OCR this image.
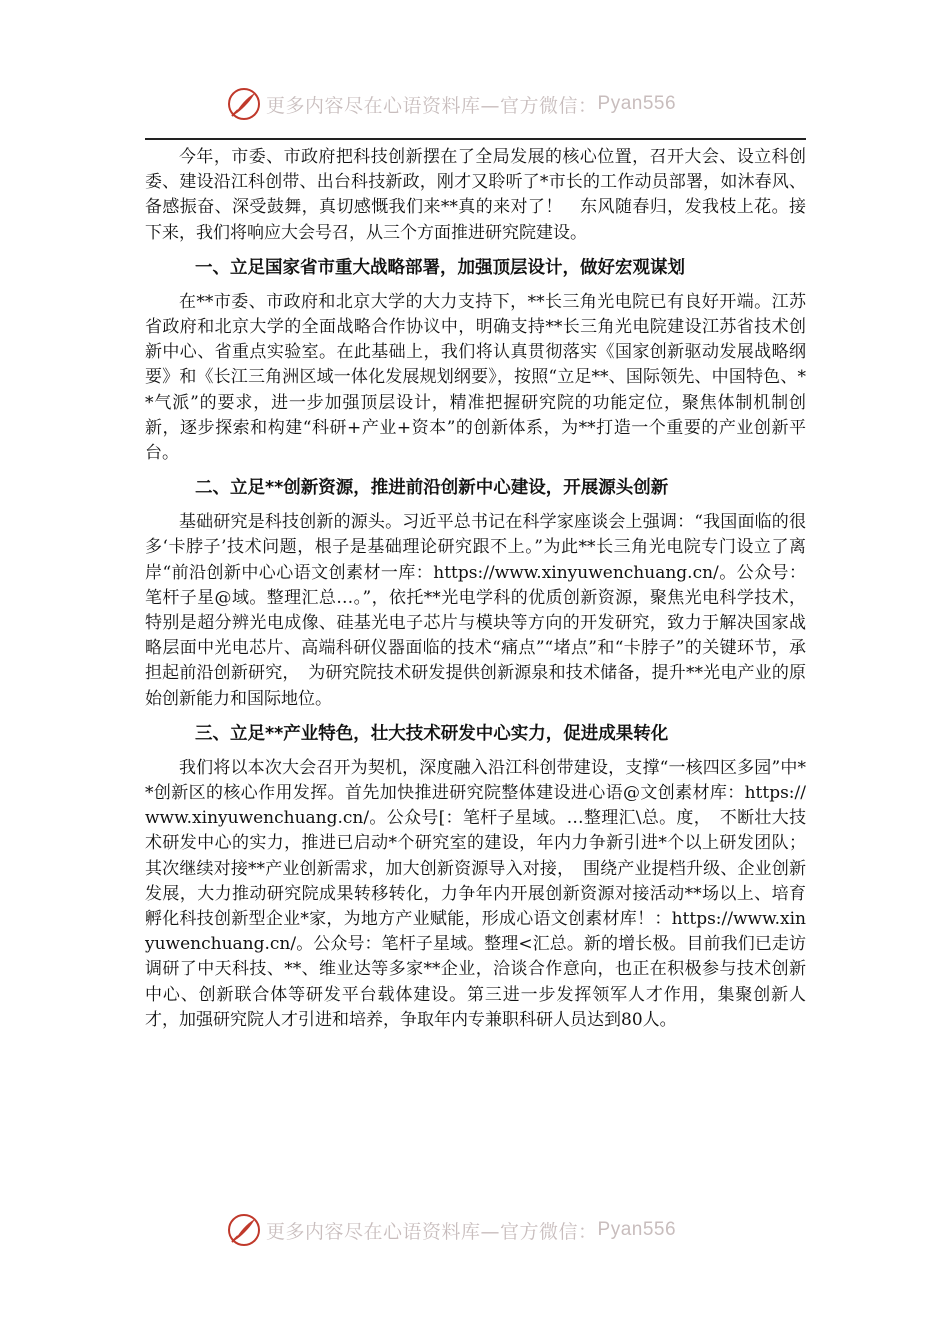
更多内容尽在心语资料库—官方微信： Pyan556

今年，市委、市政府把科技创新摆在了全局发展的核心位置，召开大会、设立科创委、建设沿江科创带、出台科技新政，刚才又聆听了*市长的工作动员部署，如沐春风、备感振奋、深受鼓舞，真切感慨我们来**真的来对了！　东风随春归，发我枝上花。接下来，我们将响应大会号召，从三个方面推进研究院建设。

一、立足国家省市重大战略部署，加强顶层设计，做好宏观谋划

在**市委、市政府和北京大学的大力支持下，**长三角光电院已有良好开端。江苏省政府和北京大学的全面战略合作协议中，明确支持**长三角光电院建设江苏省技术创新中心、省重点实验室。在此基础上，我们将认真贯彻落实《国家创新驱动发展战略纲要》和《长江三角洲区域一体化发展规划纲要》，按照“立足**、国际领先、中国特色、**气派”的要求，进一步加强顶层设计，精准把握研究院的功能定位，聚焦体制机制创新，逐步探索和构建“科研+产业+资本”的创新体系，为**打造一个重要的产业创新平台。

二、立足**创新资源，推进前沿创新中心建设，开展源头创新

基础研究是科技创新的源头。习近平总书记在科学家座谈会上强调：“我国面临的很多‘卡脖子’技术问题，根子是基础理论研究跟不上。”为此**长三角光电院专门设立了离岸“前沿创新中心心语文创素材一库：https://www.xinyuwenchuang.cn/。公众号：笔杆子星@域。整理汇总…。”，依托**光电学科的优质创新资源，聚焦光电科学技术，特别是超分辨光电成像、硅基光电子芯片与模块等方向的开发研究，致力于解决国家战略层面中光电芯片、高端科研仪器面临的技术“痛点”“堵点”和“卡脖子”的关键环节，承担起前沿创新研究，　为研究院技术研发提供创新源泉和技术储备，提升**光电产业的原始创新能力和国际地位。

三、立足**产业特色，壮大技术研发中心实力，促进成果转化

我们将以本次大会召开为契机，深度融入沿江科创带建设，支撑“一核四区多园”中**创新区的核心作用发挥。首先加快推进研究院整体建设进心语@文创素材库：https://www.xinyuwenchuang.cn/。公众号[：笔杆子星域。…整理汇\总。度，　不断壮大技术研发中心的实力，推进已启动*个研究室的建设，年内力争新引进*个以上研发团队；其次继续对接**产业创新需求，加大创新资源导入对接，　围绕产业提档升级、企业创新发展，大力推动研究院成果转移转化，力争年内开展创新资源对接活动**场以上、培育孵化科技创新型企业*家，为地方产业赋能，形成心语文创素材库！：https://www.xinyuwenchuang.cn/。公众号：笔杆子星域。整理<汇总。新的增长极。目前我们已走访调研了中天科技、**、维业达等多家**企业，洽谈合作意向，也正在积极参与技术创新中心、创新联合体等研发平台载体建设。第三进一步发挥领军人才作用，集聚创新人才，加强研究院人才引进和培养，争取年内专兼职科研人员达到80人。

更多内容尽在心语资料库—官方微信： Pyan556
